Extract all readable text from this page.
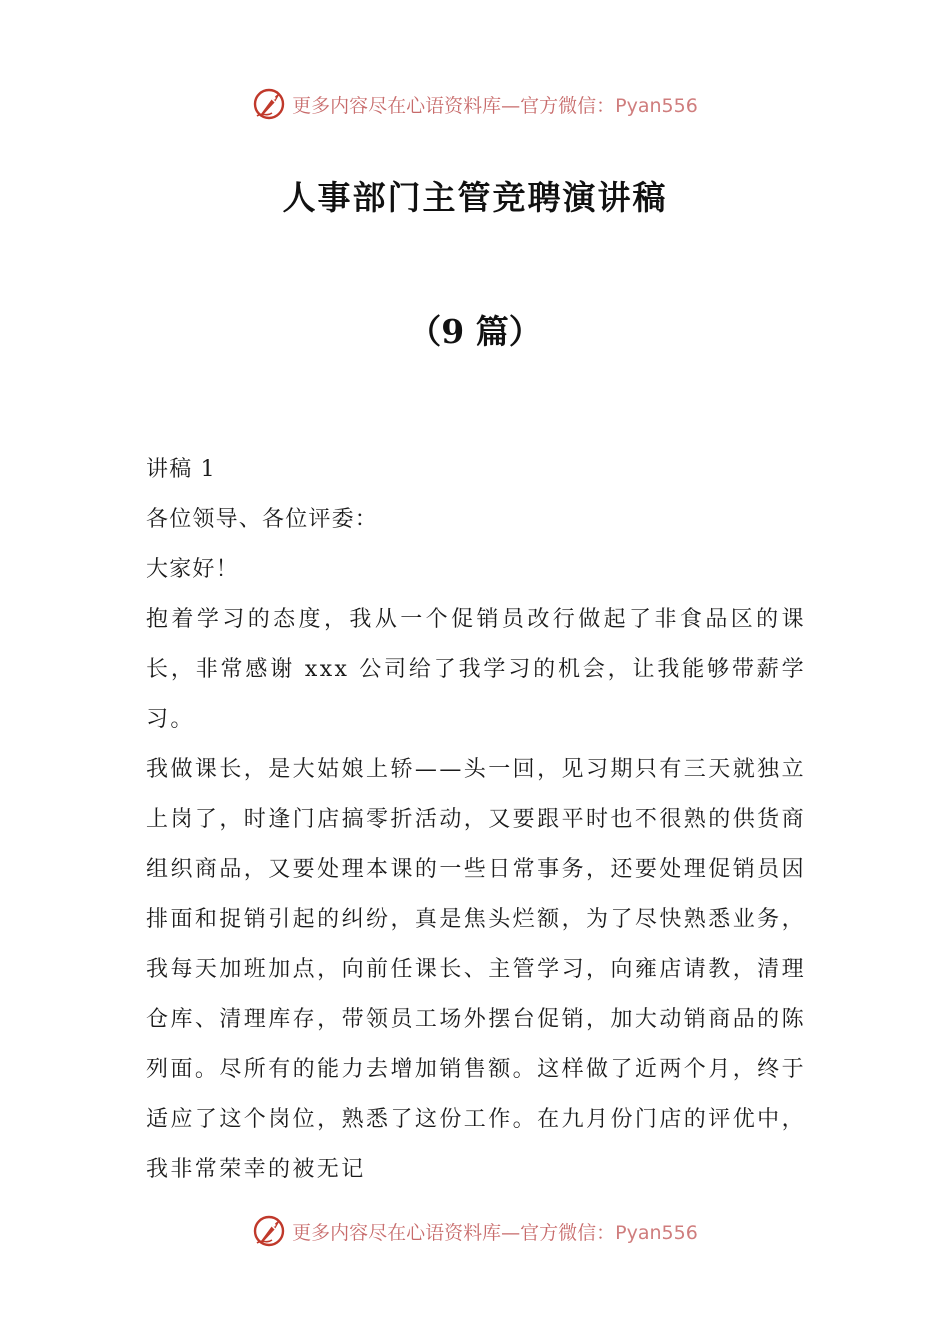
更多内容尽在心语资料库—官方微信：Pyan556
人事部门主管竞聘演讲稿
（9 篇）

讲稿 1

各位领导、各位评委：

大家好！

抱着学习的态度，我从一个促销员改行做起了非食品区的课长，非常感谢 xxx 公司给了我学习的机会，让我能够带薪学习。

我做课长，是大姑娘上轿——头一回，见习期只有三天就独立上岗了，时逢门店搞零折活动，又要跟平时也不很熟的供货商组织商品，又要处理本课的一些日常事务，还要处理促销员因排面和捉销引起的纠纷，真是焦头烂额，为了尽快熟悉业务，我每天加班加点，向前任课长、主管学习，向雍店请教，清理仓库、清理库存，带领员工场外摆台促销，加大动销商品的陈列面。尽所有的能力去增加销售额。这样做了近两个月，终于适应了这个岗位，熟悉了这份工作。在九月份门店的评优中，我非常荣幸的被无记

更多内容尽在心语资料库—官方微信：Pyan556
